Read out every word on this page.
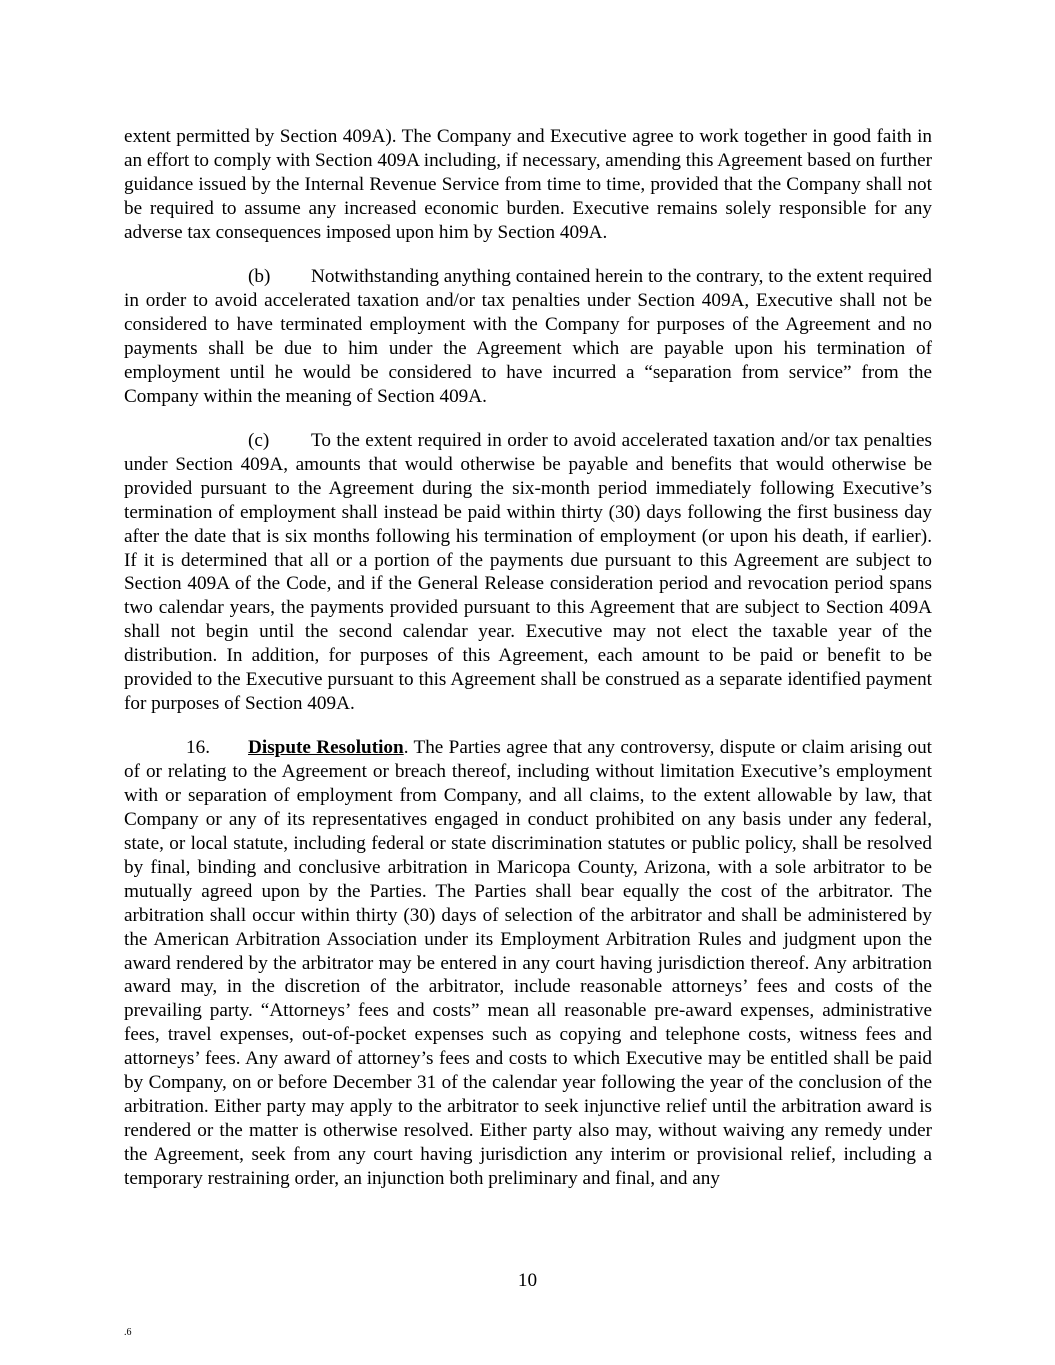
extent permitted by Section 409A). The Company and Executive agree to work together in good faith in an effort to comply with Section 409A including, if necessary, amending this Agreement based on further guidance issued by the Internal Revenue Service from time to time, provided that the Company shall not be required to assume any increased economic burden. Executive remains solely responsible for any adverse tax consequences imposed upon him by Section 409A.

(b) Notwithstanding anything contained herein to the contrary, to the extent required in order to avoid accelerated taxation and/or tax penalties under Section 409A, Executive shall not be considered to have terminated employment with the Company for purposes of the Agreement and no payments shall be due to him under the Agreement which are payable upon his termination of employment until he would be considered to have incurred a “separation from service” from the Company within the meaning of Section 409A.

(c) To the extent required in order to avoid accelerated taxation and/or tax penalties under Section 409A, amounts that would otherwise be payable and benefits that would otherwise be provided pursuant to the Agreement during the six-month period immediately following Executive’s termination of employment shall instead be paid within thirty (30) days following the first business day after the date that is six months following his termination of employment (or upon his death, if earlier). If it is determined that all or a portion of the payments due pursuant to this Agreement are subject to Section 409A of the Code, and if the General Release consideration period and revocation period spans two calendar years, the payments provided pursuant to this Agreement that are subject to Section 409A shall not begin until the second calendar year. Executive may not elect the taxable year of the distribution. In addition, for purposes of this Agreement, each amount to be paid or benefit to be provided to the Executive pursuant to this Agreement shall be construed as a separate identified payment for purposes of Section 409A.

16. Dispute Resolution. The Parties agree that any controversy, dispute or claim arising out of or relating to the Agreement or breach thereof, including without limitation Executive’s employment with or separation of employment from Company, and all claims, to the extent allowable by law, that Company or any of its representatives engaged in conduct prohibited on any basis under any federal, state, or local statute, including federal or state discrimination statutes or public policy, shall be resolved by final, binding and conclusive arbitration in Maricopa County, Arizona, with a sole arbitrator to be mutually agreed upon by the Parties. The Parties shall bear equally the cost of the arbitrator. The arbitration shall occur within thirty (30) days of selection of the arbitrator and shall be administered by the American Arbitration Association under its Employment Arbitration Rules and judgment upon the award rendered by the arbitrator may be entered in any court having jurisdiction thereof. Any arbitration award may, in the discretion of the arbitrator, include reasonable attorneys’ fees and costs of the prevailing party. “Attorneys’ fees and costs” mean all reasonable pre-award expenses, administrative fees, travel expenses, out-of-pocket expenses such as copying and telephone costs, witness fees and attorneys’ fees. Any award of attorney’s fees and costs to which Executive may be entitled shall be paid by Company, on or before December 31 of the calendar year following the year of the conclusion of the arbitration. Either party may apply to the arbitrator to seek injunctive relief until the arbitration award is rendered or the matter is otherwise resolved. Either party also may, without waiving any remedy under the Agreement, seek from any court having jurisdiction any interim or provisional relief, including a temporary restraining order, an injunction both preliminary and final, and any

10
.6
